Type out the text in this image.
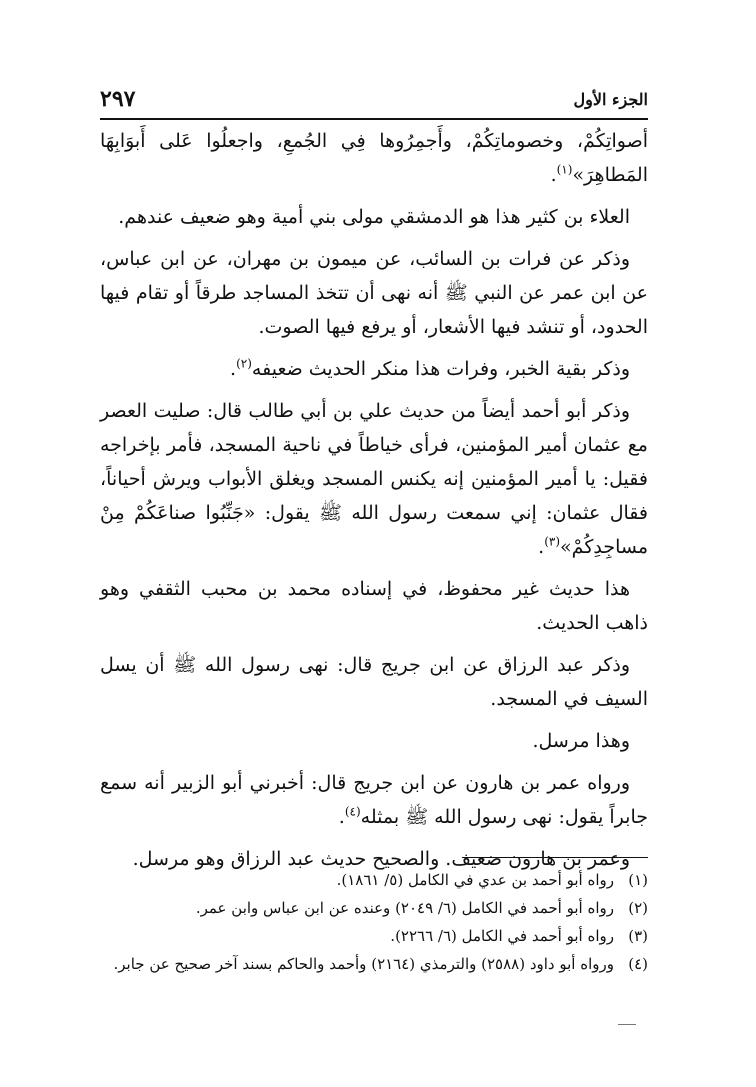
الجزء الأول
٢٩٧

أصواتِكُمْ، وخصوماتِكُمْ، وأَجمِرُوها فِي الجُمعِ، واجعلُوا عَلى أَبوَابِهَا المَطاهِرَ»$^{(١)}$.

العلاء بن كثير هذا هو الدمشقي مولى بني أمية وهو ضعيف عندهم.

وذكر عن فرات بن السائب، عن ميمون بن مهران، عن ابن عباس، عن ابن عمر عن النبي ﷺ أنه نهى أن تتخذ المساجد طرقاً أو تقام فيها الحدود، أو تنشد فيها الأشعار، أو يرفع فيها الصوت.

وذكر بقية الخبر، وفرات هذا منكر الحديث ضعيفه$^{(٢)}$.

وذكر أبو أحمد أيضاً من حديث علي بن أبي طالب قال: صليت العصر مع عثمان أمير المؤمنين، فرأى خياطاً في ناحية المسجد، فأمر بإخراجه فقيل: يا أمير المؤمنين إنه يكنس المسجد ويغلق الأبواب ويرش أحياناً، فقال عثمان: إني سمعت رسول الله ﷺ يقول: «جَنِّبُوا صناعَكُمْ مِنْ مساجِدِكُمْ»$^{(٣)}$.

هذا حديث غير محفوظ، في إسناده محمد بن محبب الثقفي وهو ذاهب الحديث.

وذكر عبد الرزاق عن ابن جريج قال: نهى رسول الله ﷺ أن يسل السيف في المسجد.

وهذا مرسل.

ورواه عمر بن هارون عن ابن جريج قال: أخبرني أبو الزبير أنه سمع جابراً يقول: نهى رسول الله ﷺ بمثله$^{(٤)}$.

وعمر بن هارون ضعيف. والصحيح حديث عبد الرزاق وهو مرسل.

(١)رواه أبو أحمد بن عدي في الكامل (٥/ ١٨٦١).

(٢)رواه أبو أحمد في الكامل (٦/ ٢٠٤٩) وعنده عن ابن عباس وابن عمر.

(٣)رواه أبو أحمد في الكامل (٦/ ٢٢٦٦).

(٤)ورواه أبو داود (٢٥٨٨) والترمذي (٢١٦٤) وأحمد والحاكم بسند آخر صحيح عن جابر.
